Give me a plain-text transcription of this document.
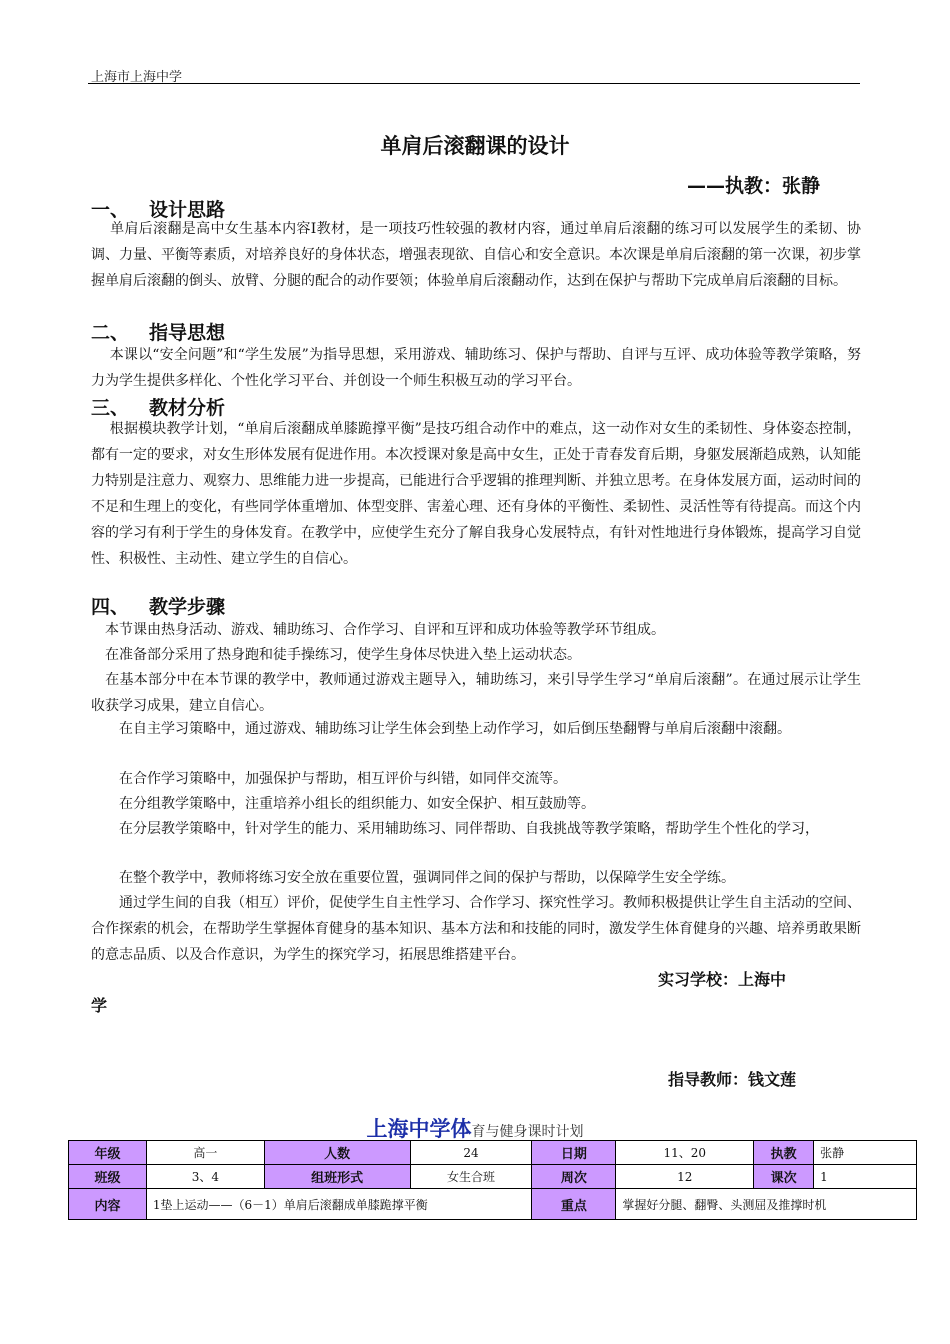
上海市上海中学
单肩后滚翻课的设计
——执教：张静
一、 设计思路

　 单肩后滚翻是高中女生基本内容Ⅰ教材，是一项技巧性较强的教材内容，通过单肩后滚翻的练习可以发展学生的柔韧、协调、力量、平衡等素质，对培养良好的身体状态，增强表现欲、自信心和安全意识。本次课是单肩后滚翻的第一次课，初步掌握单肩后滚翻的倒头、放臂、分腿的配合的动作要领；体验单肩后滚翻动作，达到在保护与帮助下完成单肩后滚翻的目标。

二、 指导思想

　 本课以“安全问题”和“学生发展”为指导思想，采用游戏、辅助练习、保护与帮助、自评与互评、成功体验等教学策略，努力为学生提供多样化、个性化学习平台、并创设一个师生积极互动的学习平台。

三、 教材分析

　 根据模块教学计划，“单肩后滚翻成单膝跪撑平衡”是技巧组合动作中的难点，这一动作对女生的柔韧性、身体姿态控制，都有一定的要求，对女生形体发展有促进作用。本次授课对象是高中女生，正处于青春发育后期，身躯发展渐趋成熟，认知能力特别是注意力、观察力、思维能力进一步提高，已能进行合乎逻辑的推理判断、并独立思考。在身体发展方面，运动时间的不足和生理上的变化，有些同学体重增加、体型变胖、害羞心理、还有身体的平衡性、柔韧性、灵活性等有待提高。而这个内容的学习有利于学生的身体发育。在教学中，应使学生充分了解自我身心发展特点，有针对性地进行身体锻炼，提高学习自觉性、积极性、主动性、建立学生的自信心。

四、 教学步骤

　本节课由热身活动、游戏、辅助练习、合作学习、自评和互评和成功体验等教学环节组成。

　在准备部分采用了热身跑和徒手操练习，使学生身体尽快进入垫上运动状态。

　在基本部分中在本节课的教学中，教师通过游戏主题导入，辅助练习，来引导学生学习“单肩后滚翻”。在通过展示让学生收获学习成果，建立自信心。

　　在自主学习策略中，通过游戏、辅助练习让学生体会到垫上动作学习，如后倒压垫翻臀与单肩后滚翻中滚翻。

　　在合作学习策略中，加强保护与帮助，相互评价与纠错，如同伴交流等。

　　在分组教学策略中，注重培养小组长的组织能力、如安全保护、相互鼓励等。

　　在分层教学策略中，针对学生的能力、采用辅助练习、同伴帮助、自我挑战等教学策略，帮助学生个性化的学习，

　　在整个教学中，教师将练习安全放在重要位置，强调同伴之间的保护与帮助，以保障学生安全学练。

　　通过学生间的自我（相互）评价，促使学生自主性学习、合作学习、探究性学习。教师积极提供让学生自主活动的空间、合作探索的机会，在帮助学生掌握体育健身的基本知识、基本方法和和技能的同时，激发学生体育健身的兴趣、培养勇敢果断的意志品质、以及合作意识，为学生的探究学习，拓展思维搭建平台。

实习学校：上海中
学
指导教师：钱文莲
上海中学体育与健身课时计划
年级	高一	人数	24	日期	11、20	执教	张静
班级	3、4	组班形式	女生合班	周次	12	课次	1
内容	1垫上运动——（6－1）单肩后滚翻成单膝跪撑平衡			重点	掌握好分腿、翻臀、头测屈及推撑时机		
